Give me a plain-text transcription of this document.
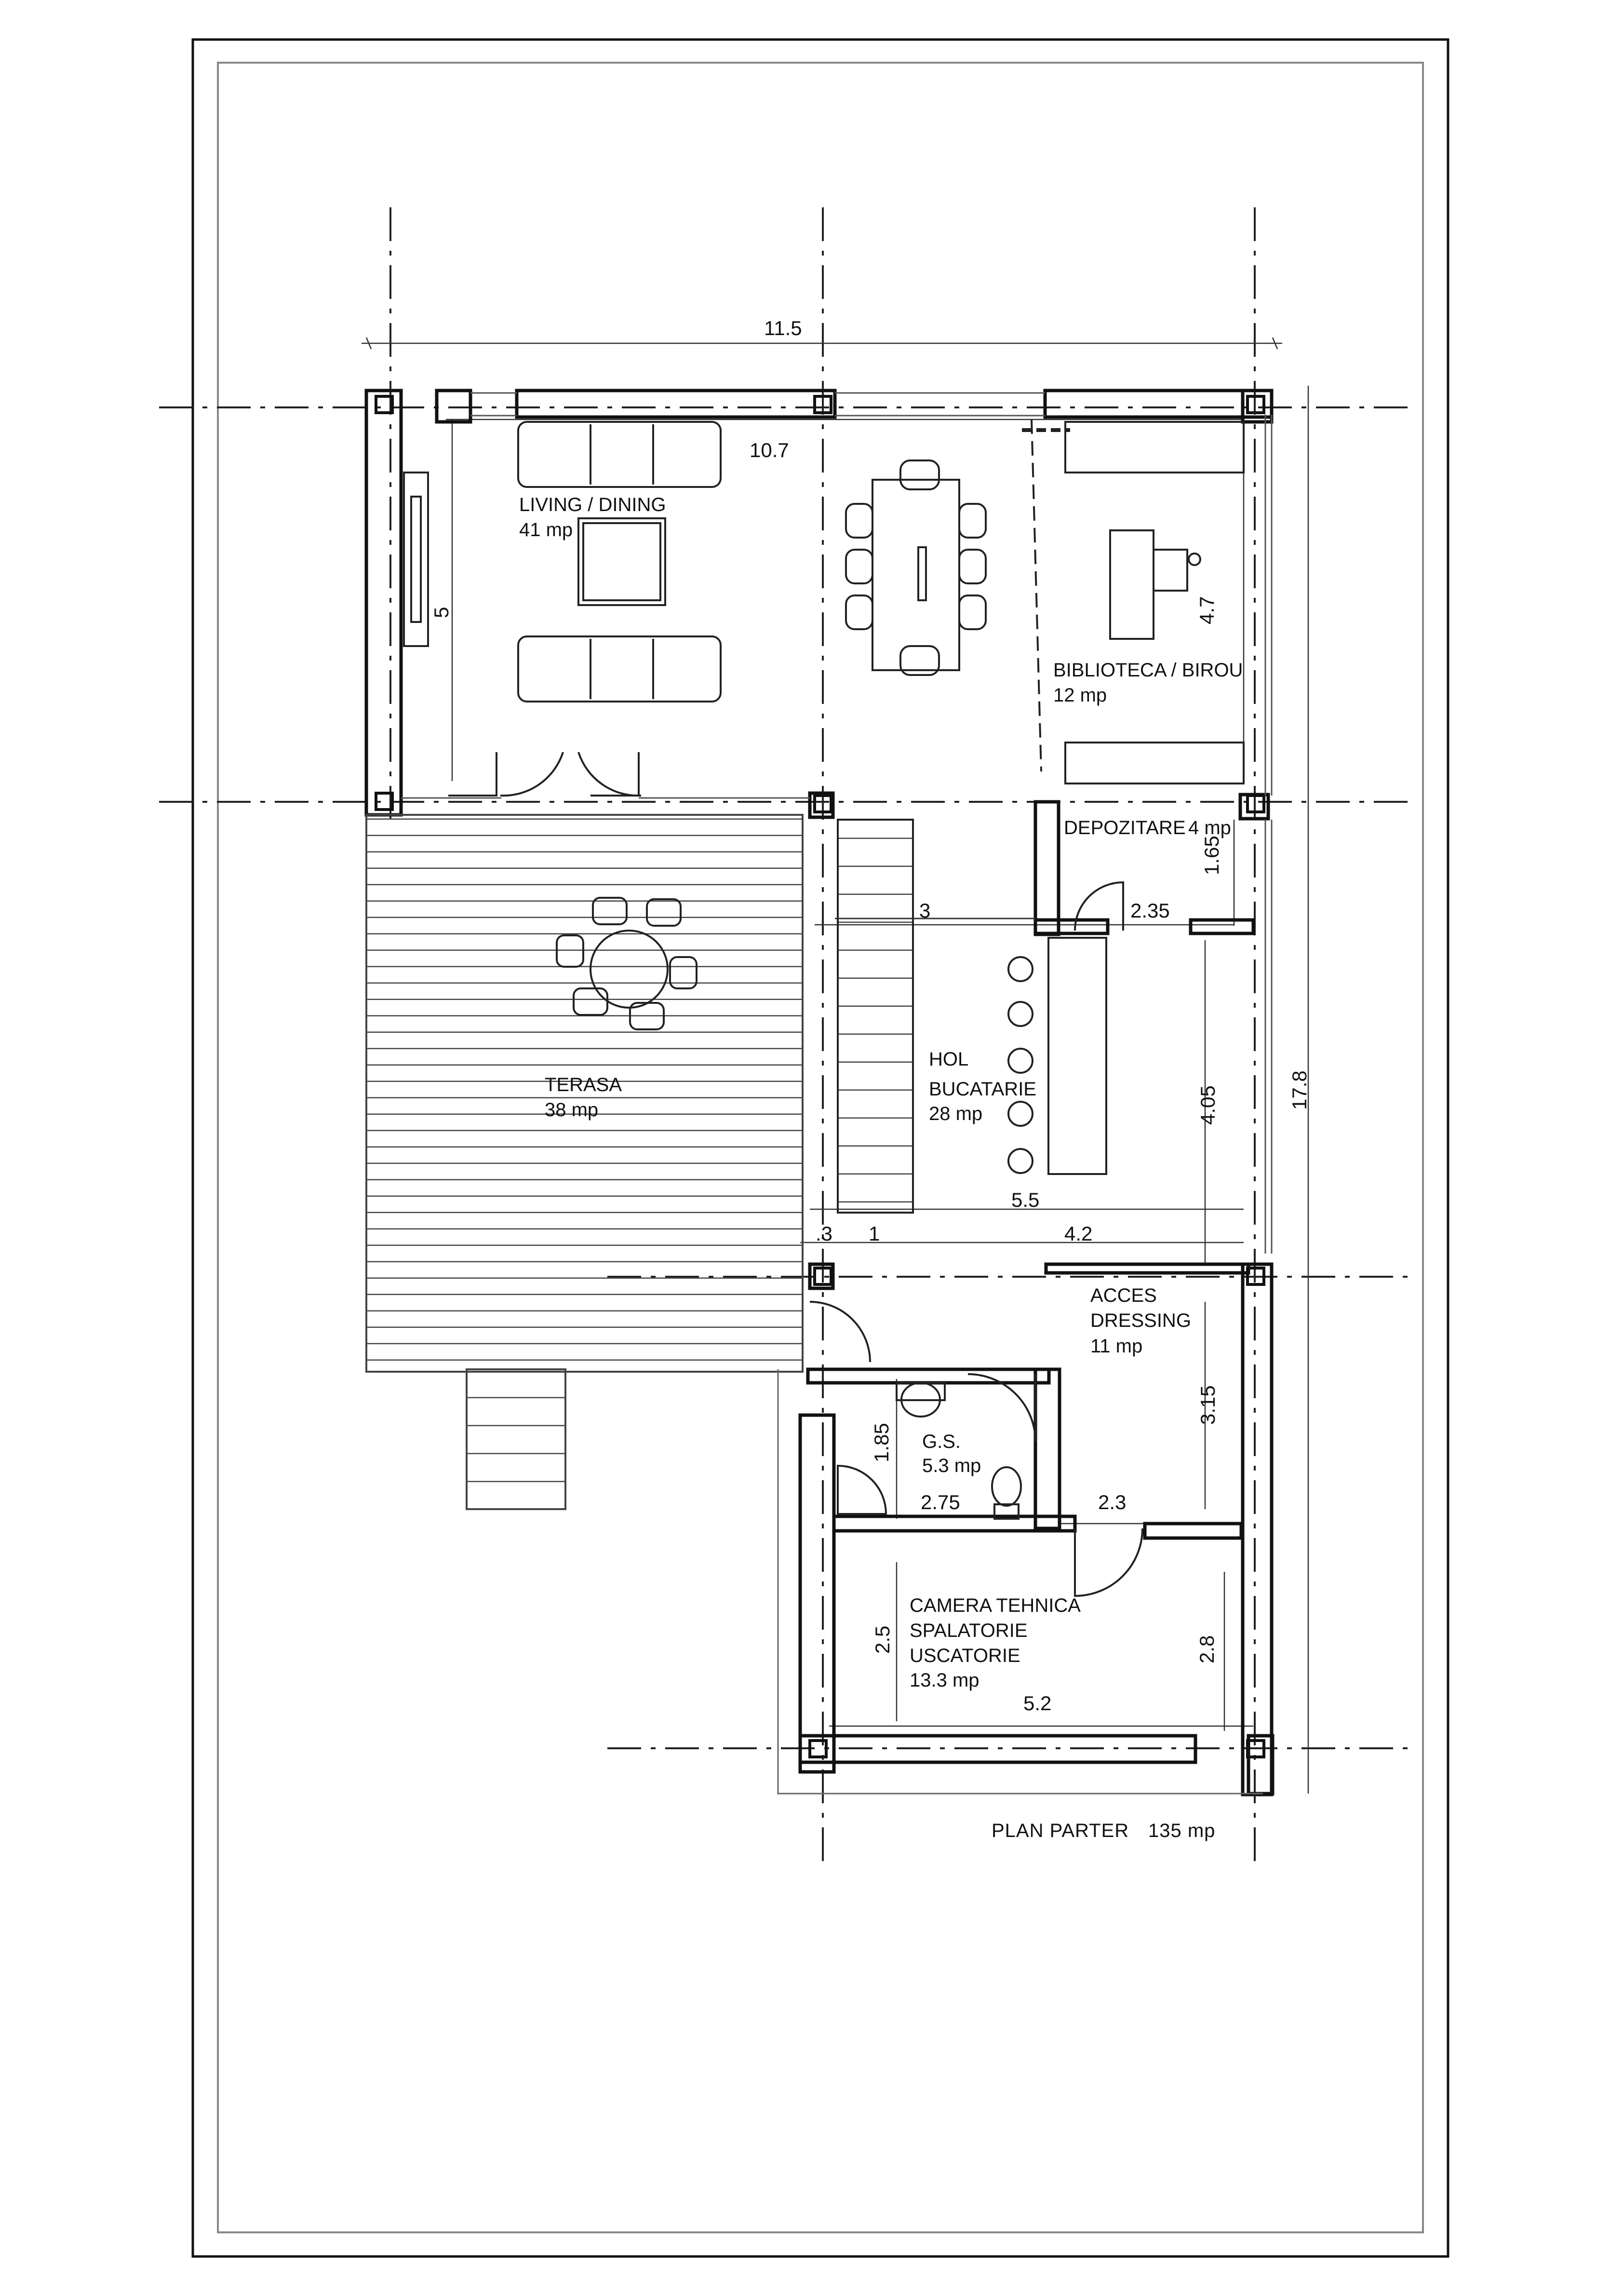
LIVING / DINING
41 mp
BIBLIOTECA / BIROU
12 mp
DEPOZITARE 4 mp
TERASA
38 mp
HOL
BUCATARIE
28 mp
ACCES
DRESSING
11 mp
G.S.
5.3 mp
CAMERA TEHNICA
SPALATORIE
USCATORIE
13.3 mp
11.5
10.7
5	4.7
1.65
2.35
17.8
3
4.05
5.5
4.2
.3 1
3.15
1.85
2.75	2.3
2.5	2.8
5.2
PLAN PARTER 135 mp
